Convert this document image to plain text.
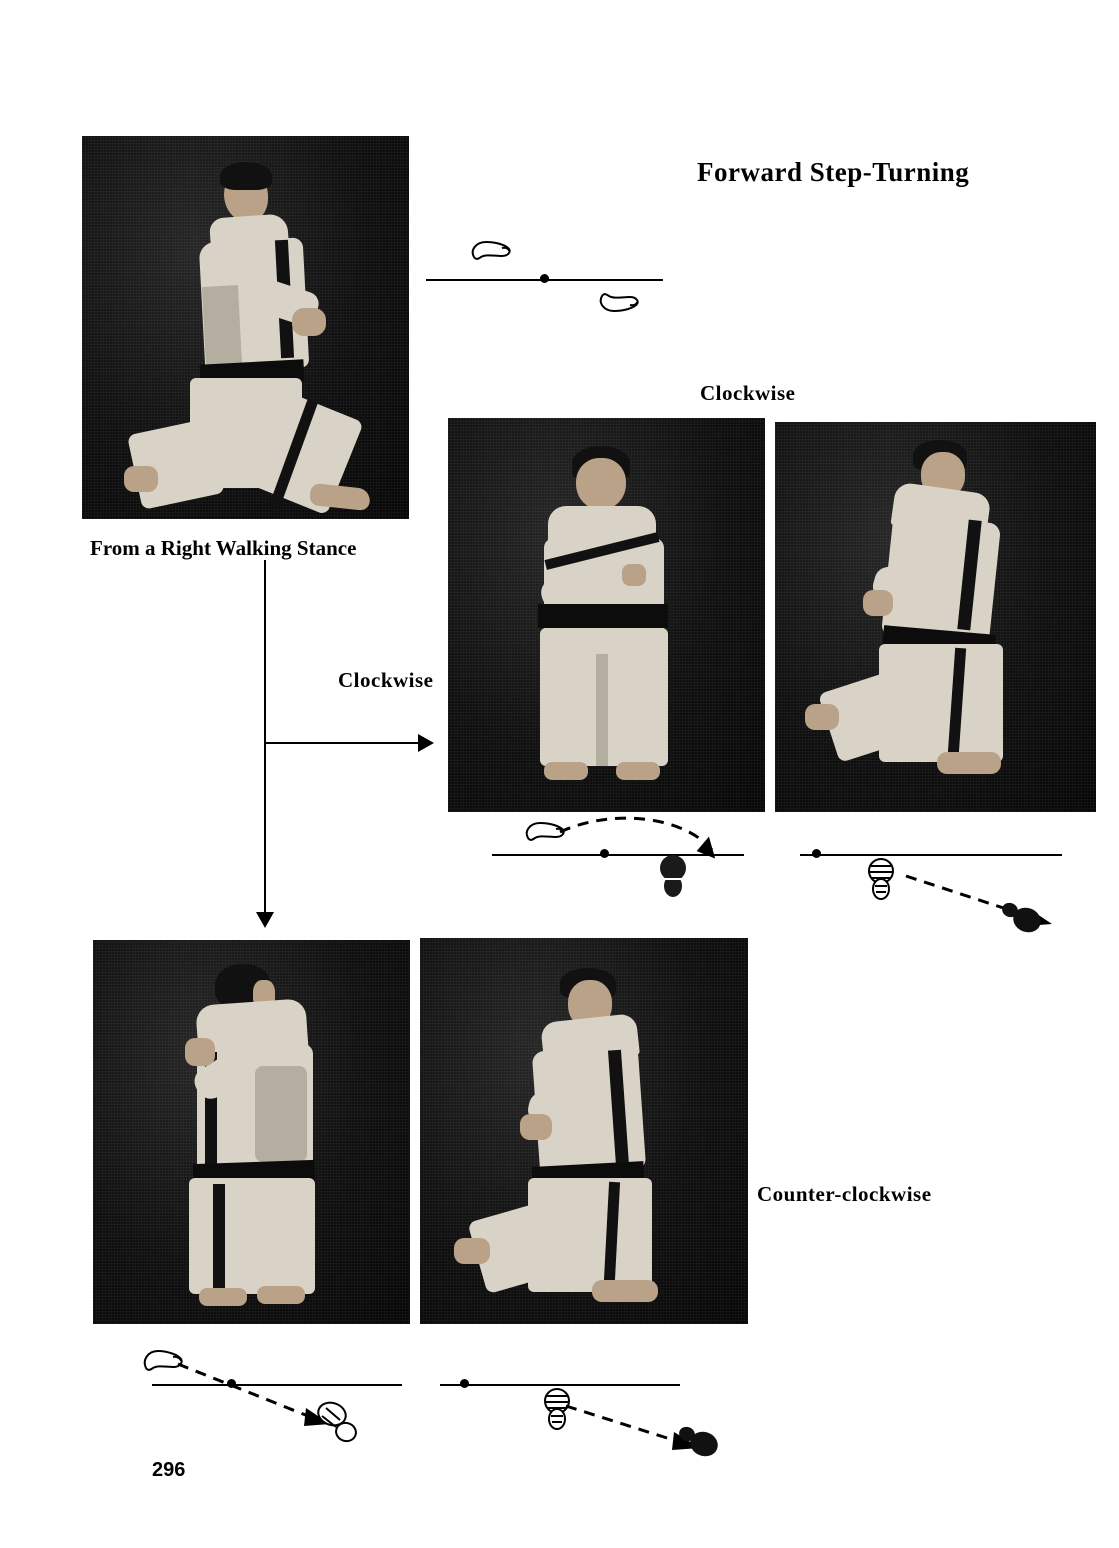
Forward Step-Turning
From a Right Walking Stance
Clockwise
Clockwise
Counter-clockwise
296
